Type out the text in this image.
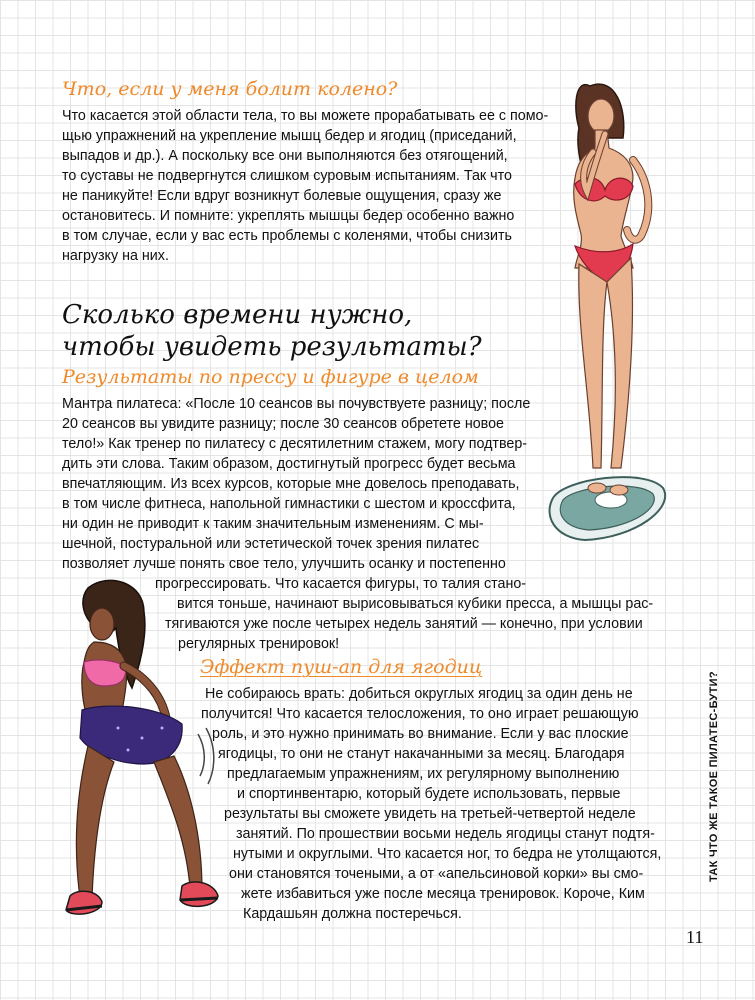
Что, если у меня болит колено?

Что касается этой области тела, то вы можете прорабатывать ее с помо-

щью упражнений на укрепление мышц бедер и ягодиц (приседаний,

выпадов и др.). А поскольку все они выполняются без отягощений,

то суставы не подвергнутся слишком суровым испытаниям. Так что

не паникуйте! Если вдруг возникнут болевые ощущения, сразу же

остановитесь. И помните: укреплять мышцы бедер особенно важно

в том случае, если у вас есть проблемы с коленями, чтобы снизить

нагрузку на них.

Сколько времени нужно,
чтобы увидеть результаты?
Результаты по прессу и фигуре в целом

Мантра пилатеса: «После 10 сеансов вы почувствуете разницу; после

20 сеансов вы увидите разницу; после 30 сеансов обретете новое

тело!» Как тренер по пилатесу с десятилетним стажем, могу подтвер-

дить эти слова. Таким образом, достигнутый прогресс будет весьма

впечатляющим. Из всех курсов, которые мне довелось преподавать,

в том числе фитнеса, напольной гимнастики с шестом и кроссфита,

ни один не приводит к таким значительным изменениям. С мы-

шечной, постуральной или эстетической точек зрения пилатес

позволяет лучше понять свое тело, улучшить осанку и постепенно

прогрессировать. Что касается фигуры, то талия стано-

вится тоньше, начинают вырисовываться кубики пресса, а мышцы рас-

тягиваются уже после четырех недель занятий — конечно, при условии

регулярных тренировок!

Эффект пуш-ап для ягодиц

Не собираюсь врать: добиться округлых ягодиц за один день не

получится! Что касается телосложения, то оно играет решающую

роль, и это нужно принимать во внимание. Если у вас плоские

ягодицы, то они не станут накачанными за месяц. Благодаря

предлагаемым упражнениям, их регулярному выполнению

и спортинвентарю, который будете использовать, первые

результаты вы сможете увидеть на третьей-четвертой неделе

занятий. По прошествии восьми недель ягодицы станут подтя-

нутыми и округлыми. Что касается ног, то бедра не утолщаются,

они становятся точеными, а от «апельсиновой корки» вы смо-

жете избавиться уже после месяца тренировок. Короче, Ким

Кардашьян должна постеречься.

ТАК ЧТО ЖЕ ТАКОЕ ПИЛАТЕС-БУТИ?
11
